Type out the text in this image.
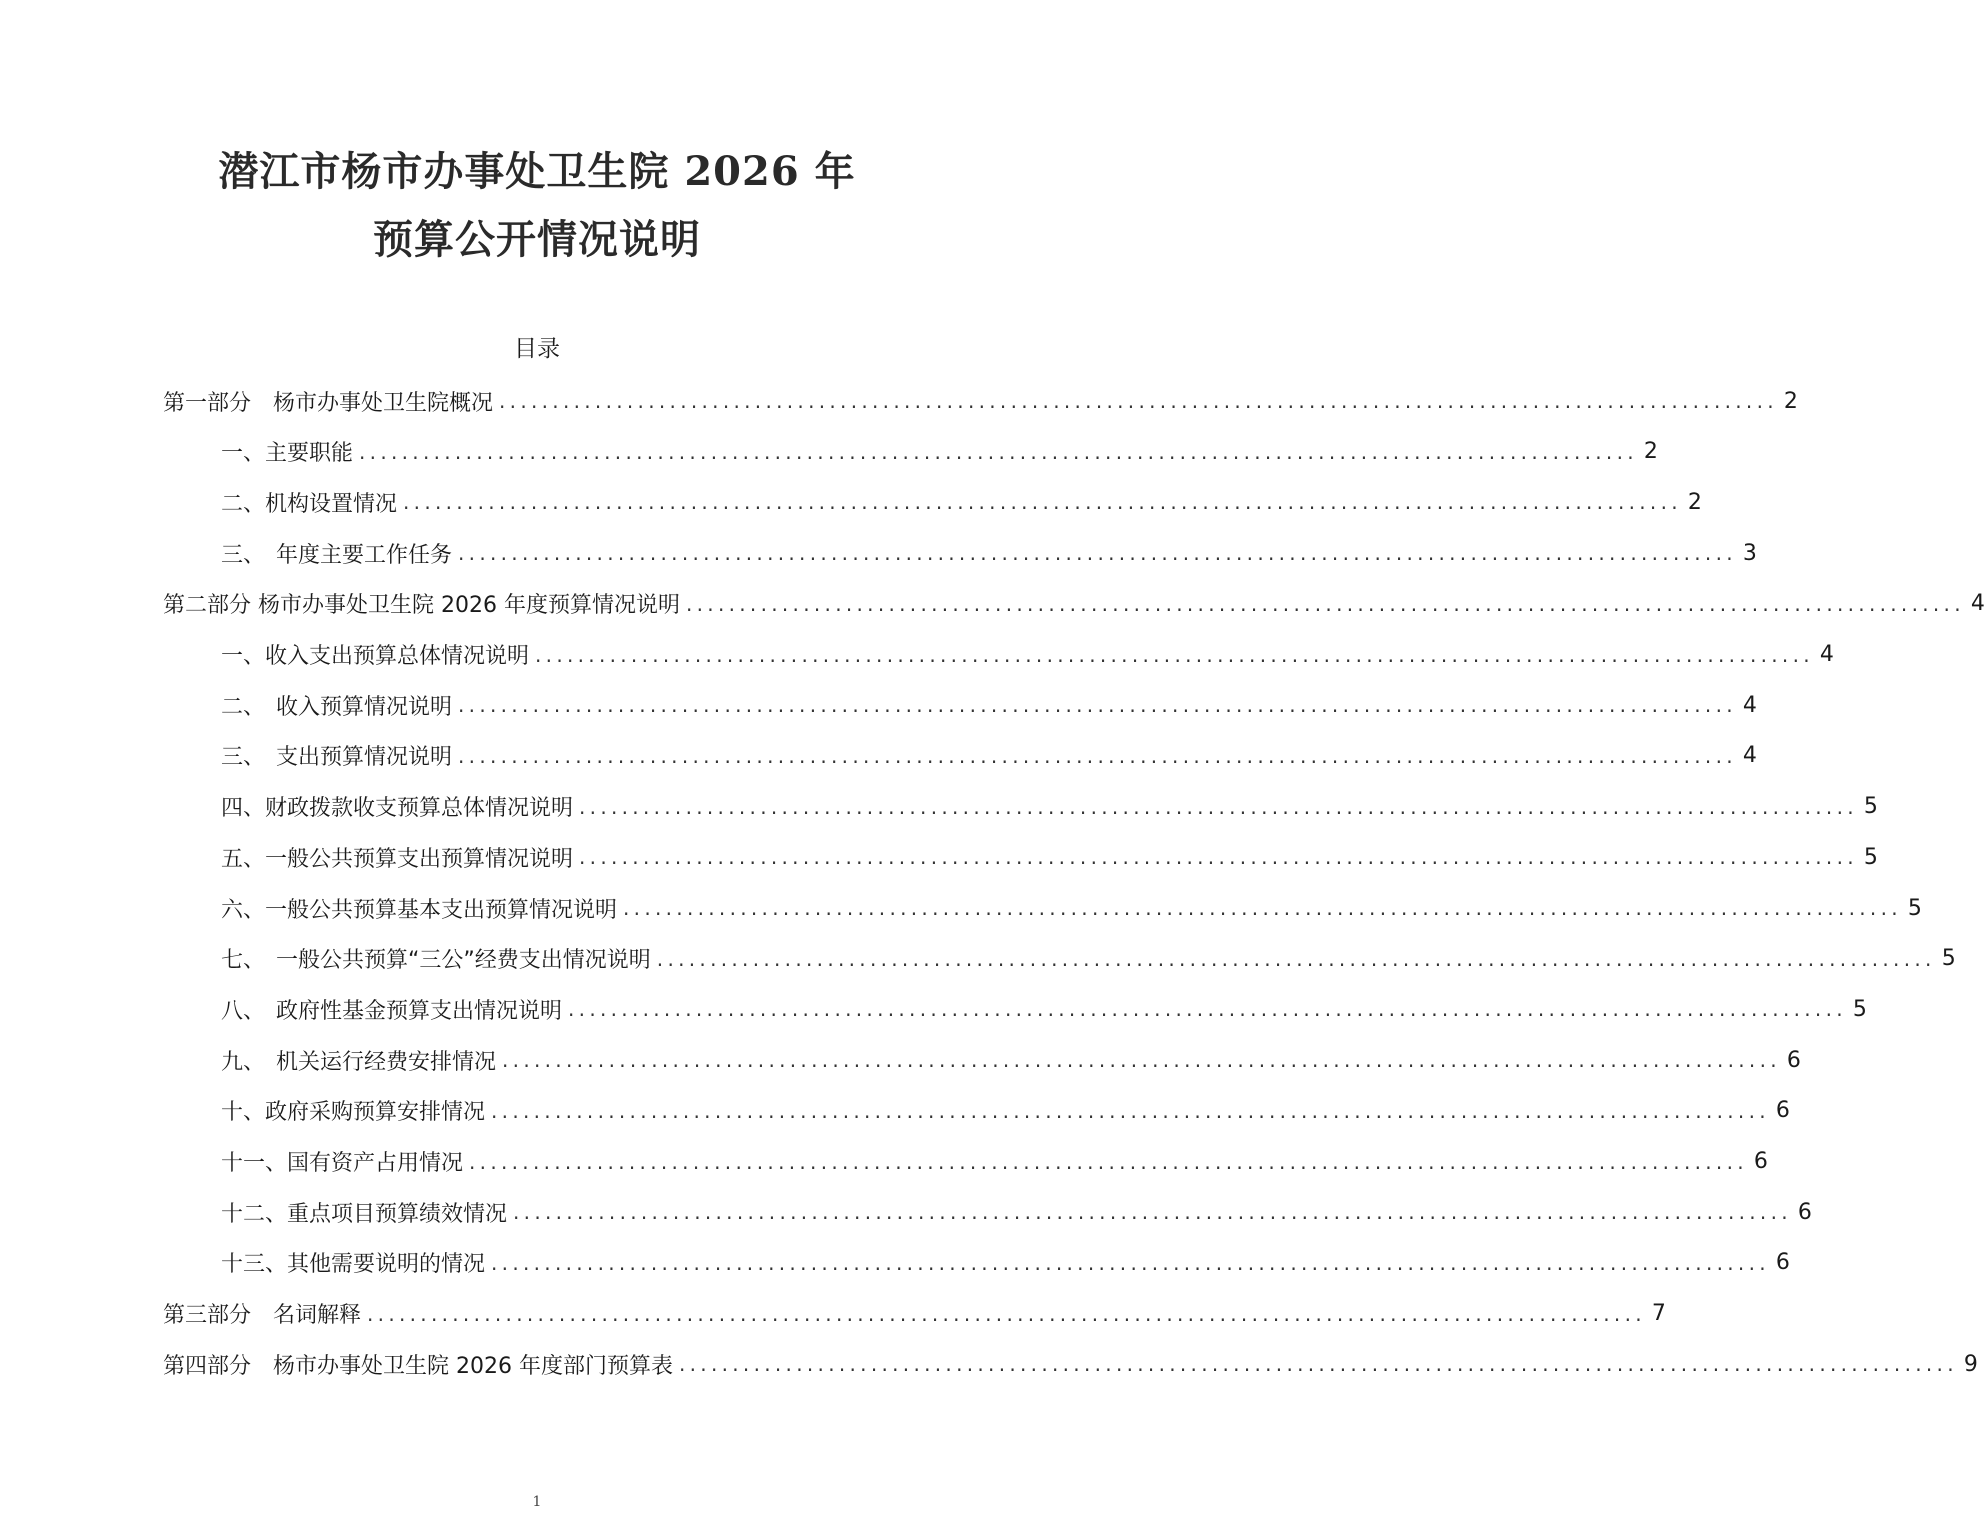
潜江市杨市办事处卫生院 2026 年
预算公开情况说明
目录
第一部分　杨市办事处卫生院概况 ........................................................................................................................ 2
一、主要职能 ........................................................................................................................ 2
二、机构设置情况 ........................................................................................................................ 2
三、　年度主要工作任务 ........................................................................................................................ 3
第二部分 杨市办事处卫生院 2026 年度预算情况说明 ........................................................................................................................ 4
一、收入支出预算总体情况说明 ........................................................................................................................ 4
二、　收入预算情况说明 ........................................................................................................................ 4
三、　支出预算情况说明 ........................................................................................................................ 4
四、财政拨款收支预算总体情况说明 ........................................................................................................................ 5
五、一般公共预算支出预算情况说明 ........................................................................................................................ 5
六、一般公共预算基本支出预算情况说明 ........................................................................................................................ 5
七、　一般公共预算“三公”经费支出情况说明 ........................................................................................................................ 5
八、　政府性基金预算支出情况说明 ........................................................................................................................ 5
九、　机关运行经费安排情况 ........................................................................................................................ 6
十、政府采购预算安排情况 ........................................................................................................................ 6
十一、国有资产占用情况 ........................................................................................................................ 6
十二、重点项目预算绩效情况 ........................................................................................................................ 6
十三、其他需要说明的情况 ........................................................................................................................ 6
第三部分　名词解释 ........................................................................................................................ 7
第四部分　杨市办事处卫生院 2026 年度部门预算表 ........................................................................................................................ 9
1
